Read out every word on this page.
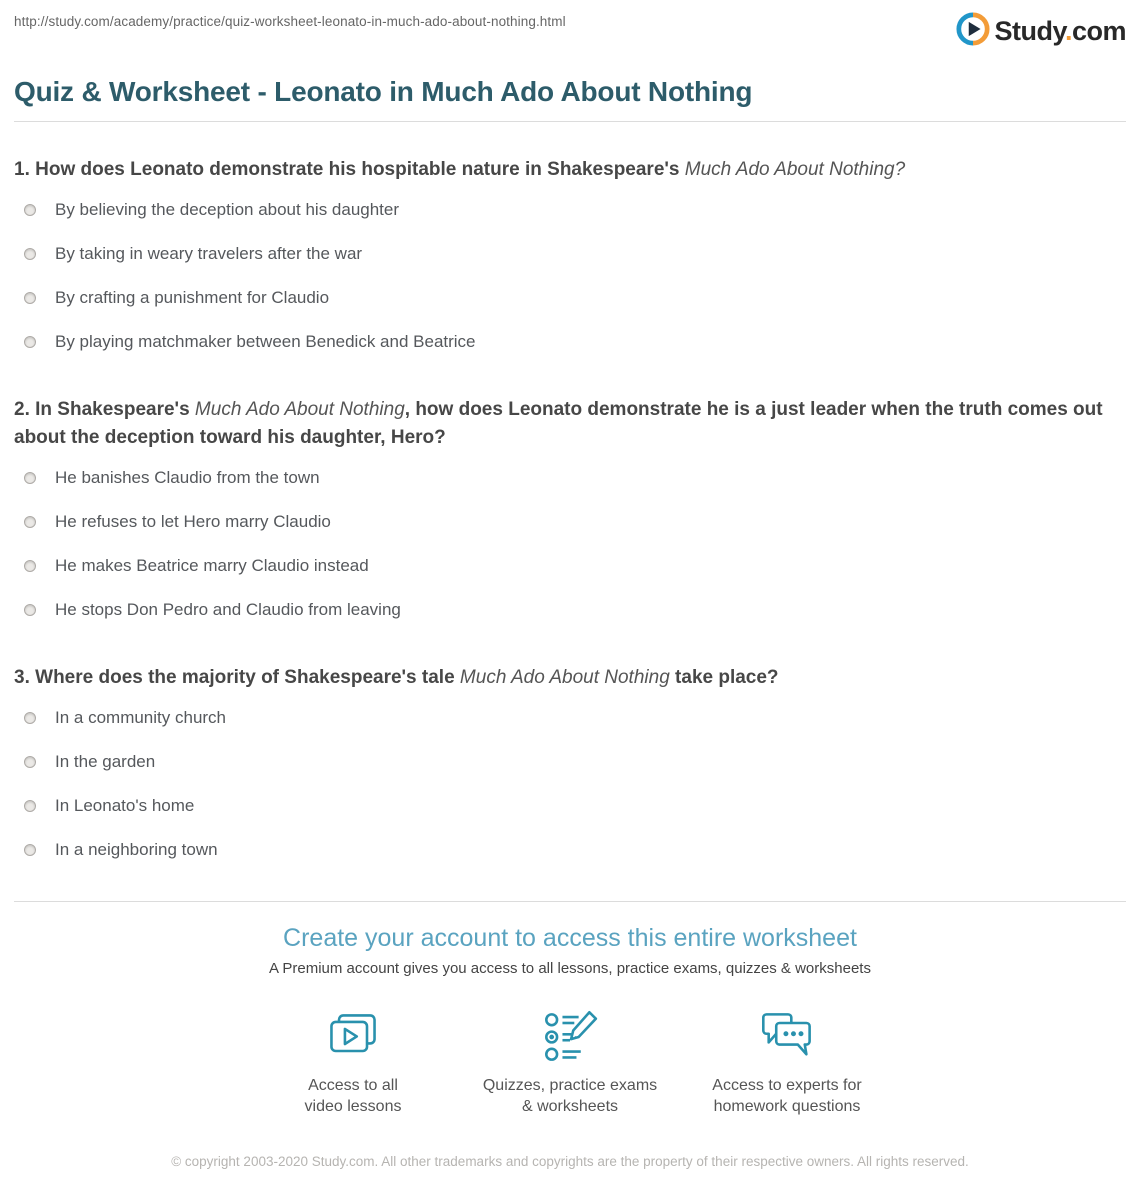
http://study.com/academy/practice/quiz-worksheet-leonato-in-much-ado-about-nothing.html	Study.com
Quiz & Worksheet - Leonato in Much Ado About Nothing
1. How does Leonato demonstrate his hospitable nature in Shakespeare's Much Ado About Nothing?
By believing the deception about his daughter
By taking in weary travelers after the war
By crafting a punishment for Claudio
By playing matchmaker between Benedick and Beatrice
2. In Shakespeare's Much Ado About Nothing, how does Leonato demonstrate he is a just leader when the truth comes out about the deception toward his daughter, Hero?
He banishes Claudio from the town
He refuses to let Hero marry Claudio
He makes Beatrice marry Claudio instead
He stops Don Pedro and Claudio from leaving
3. Where does the majority of Shakespeare's tale Much Ado About Nothing take place?
In a community church
In the garden
In Leonato's home
In a neighboring town
Create your account to access this entire worksheet
A Premium account gives you access to all lessons, practice exams, quizzes & worksheets
Access to all
video lessons
Quizzes, practice exams
& worksheets
Access to experts for
homework questions
© copyright 2003-2020 Study.com. All other trademarks and copyrights are the property of their respective owners. All rights reserved.
